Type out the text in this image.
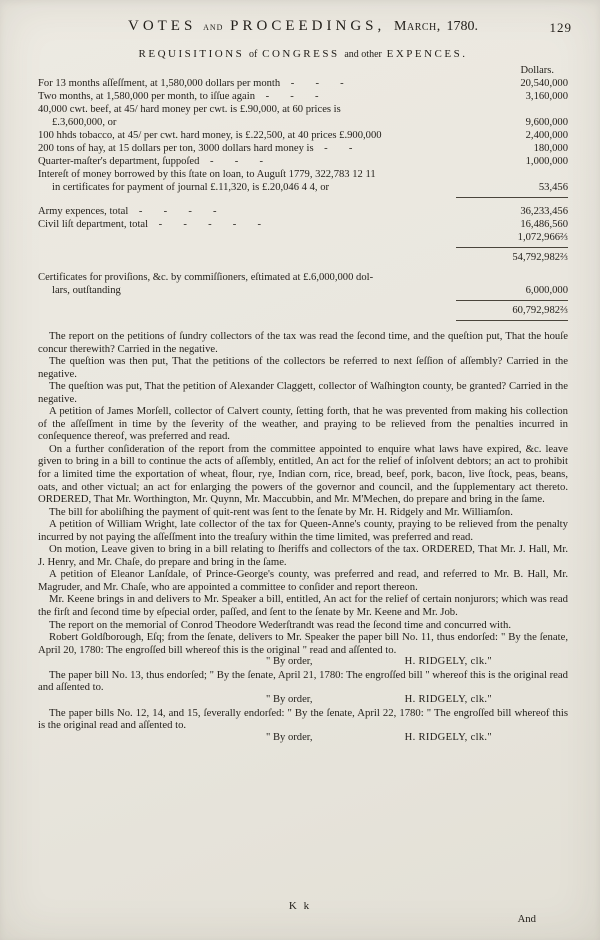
VOTES and PROCEEDINGS, March, 1780.	129
REQUISITIONS of CONGRESS and other EXPENCES.
Dollars.
For 13 months aſſeſſment, at 1,580,000 dollars per month -  -  -	20,540,000
Two months, at 1,580,000 per month, to iſſue again -  -  -	3,160,000
40,000 cwt. beef, at 45/ hard money per cwt. is £.90,000, at 60 prices is
£.3,600,000, or	9,600,000
100 hhds tobacco, at 45/ per cwt. hard money, is £.22,500, at 40 prices £.900,000	2,400,000
200 tons of hay, at 15 dollars per ton, 3000 dollars hard money is -  -	180,000
Quarter-maſter's department, ſuppoſed -  -  -	1,000,000
Intereſt of money borrowed by this ſtate on loan, to Auguſt 1779, 322,783 12 11
in certificates for payment of journal £.11,320, is £.20,046 4 4, or	53,456
Army expences, total -  -  -  -	36,233,456
Civil liſt department, total -  -  -  -  -	16,486,560
1,072,966⅔
54,792,982⅔
Certificates for proviſions, &c. by commiſſioners, eſtimated at £.6,000,000 dol-
lars, outſtanding	6,000,000
60,792,982⅔

The report on the petitions of ſundry collectors of the tax was read the ſecond time, and the queſtion put, That the houſe concur therewith? Carried in the negative.

The queſtion was then put, That the petitions of the collectors be referred to next ſeſſion of aſſembly? Carried in the negative.

The queſtion was put, That the petition of Alexander Claggett, collector of Waſhington county, be granted? Carried in the negative.

A petition of James Morſell, collector of Calvert county, ſetting forth, that he was prevented from making his collection of the aſſeſſment in time by the ſeverity of the weather, and praying to be relieved from the penalties incurred in conſequence thereof, was preferred and read.

On a further conſideration of the report from the committee appointed to enquire what laws have expired, &c. leave given to bring in a bill to continue the acts of aſſembly, entitled, An act for the relief of inſolvent debtors; an act to prohibit for a limited time the exportation of wheat, flour, rye, Indian corn, rice, bread, beef, pork, bacon, live ſtock, peas, beans, oats, and other victual; an act for enlarging the powers of the governor and council, and the ſupplementary act thereto. ORDERED, That Mr. Worthington, Mr. Quynn, Mr. Maccubbin, and Mr. M'Mechen, do prepare and bring in the ſame.

The bill for aboliſhing the payment of quit-rent was ſent to the ſenate by Mr. H. Ridgely and Mr. Williamſon.

A petition of William Wright, late collector of the tax for Queen-Anne's county, praying to be relieved from the penalty incurred by not paying the aſſeſſment into the treaſury within the time limited, was preferred and read.

On motion, Leave given to bring in a bill relating to ſheriffs and collectors of the tax. ORDERED, That Mr. J. Hall, Mr. J. Henry, and Mr. Chaſe, do prepare and bring in the ſame.

A petition of Eleanor Lanſdale, of Prince-George's county, was preferred and read, and referred to Mr. B. Hall, Mr. Magruder, and Mr. Chaſe, who are appointed a committee to conſider and report thereon.

Mr. Keene brings in and delivers to Mr. Speaker a bill, entitled, An act for the relief of certain nonjurors; which was read the firſt and ſecond time by eſpecial order, paſſed, and ſent to the ſenate by Mr. Keene and Mr. Job.

The report on the memorial of Conrod Theodore Wederſtrandt was read the ſecond time and concurred with.

Robert Goldſborough, Eſq; from the ſenate, delivers to Mr. Speaker the paper bill No. 11, thus endorſed: " By the ſenate, April 20, 1780: The engroſſed bill whereof this is the original " read and aſſented to.

" By order,	H. RIDGELY, clk."

The paper bill No. 13, thus endorſed; " By the ſenate, April 21, 1780: The engroſſed bill " whereof this is the original read and aſſented to.

" By order,	H. RIDGELY, clk."

The paper bills No. 12, 14, and 15, ſeverally endorſed: " By the ſenate, April 22, 1780: " The engroſſed bill whereof this is the original read and aſſented to.

" By order,	H. RIDGELY, clk."
K k
And
